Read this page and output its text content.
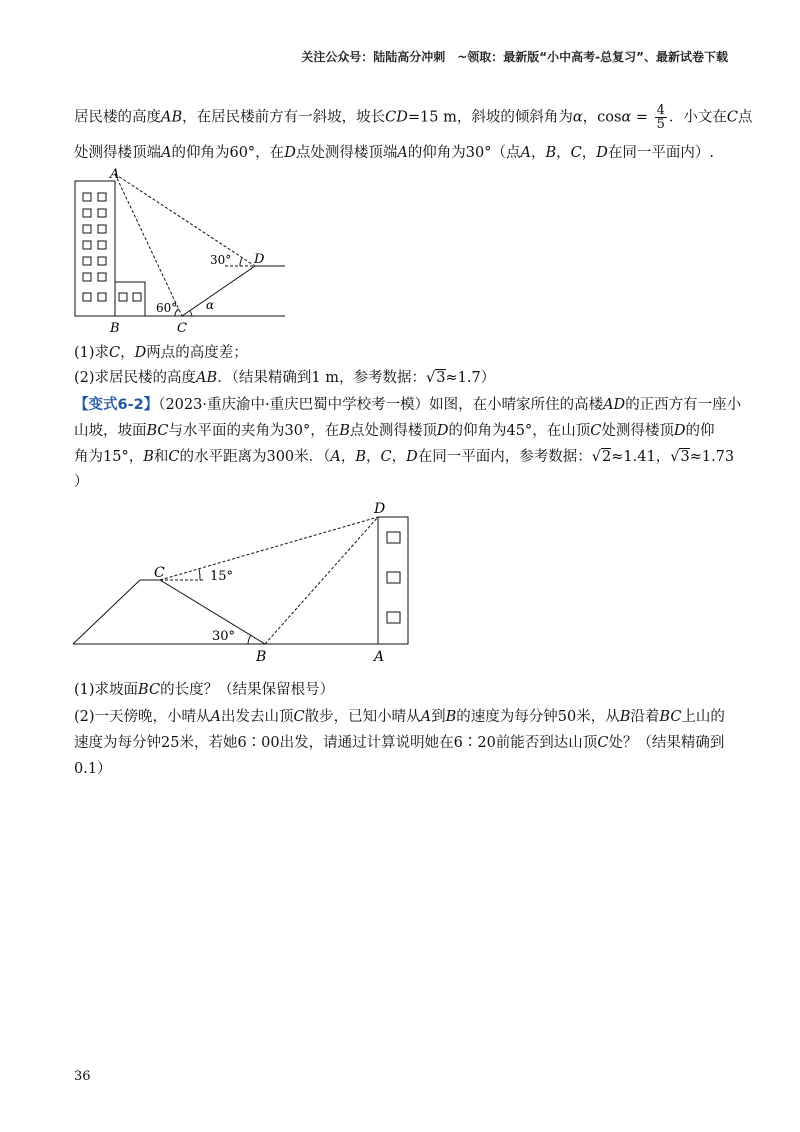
关注公众号：陆陆高分冲刺　~领取：最新版“小中高考-总复习”、最新试卷下载
居民楼的高度AB，在居民楼前方有一斜坡，坡长CD=15 m，斜坡的倾斜角为α，$\cos\alpha = \frac{4}{5}$ ．小文在C点
处测得楼顶端A的仰角为60°，在D点处测得楼顶端A的仰角为30°（点A，B，C，D在同一平面内）.
A
B	C
D
30°
60° α
(1)求C，D两点的高度差；
(2)求居民楼的高度AB．（结果精确到1 m，参考数据：√3≈1.7）
【变式6-2】（2023·重庆渝中·重庆巴蜀中学校考一模）如图，在小晴家所住的高楼AD的正西方有一座小
山坡，坡面BC与水平面的夹角为30°，在B点处测得楼顶D的仰角为45°，在山顶C处测得楼顶D的仰
角为15°，B和C的水平距离为300米．（A，B，C，D在同一平面内，参考数据：√2≈1.41，√3≈1.73
）
C
D
B	A
15°
30°
(1)求坡面BC的长度？（结果保留根号）
(2)一天傍晚，小晴从A出发去山顶C散步，已知小晴从A到B的速度为每分钟50米，从B沿着BC上山的
速度为每分钟25米，若她6∶00出发，请通过计算说明她在6∶20前能否到达山顶C处？（结果精确到
0.1）
36
